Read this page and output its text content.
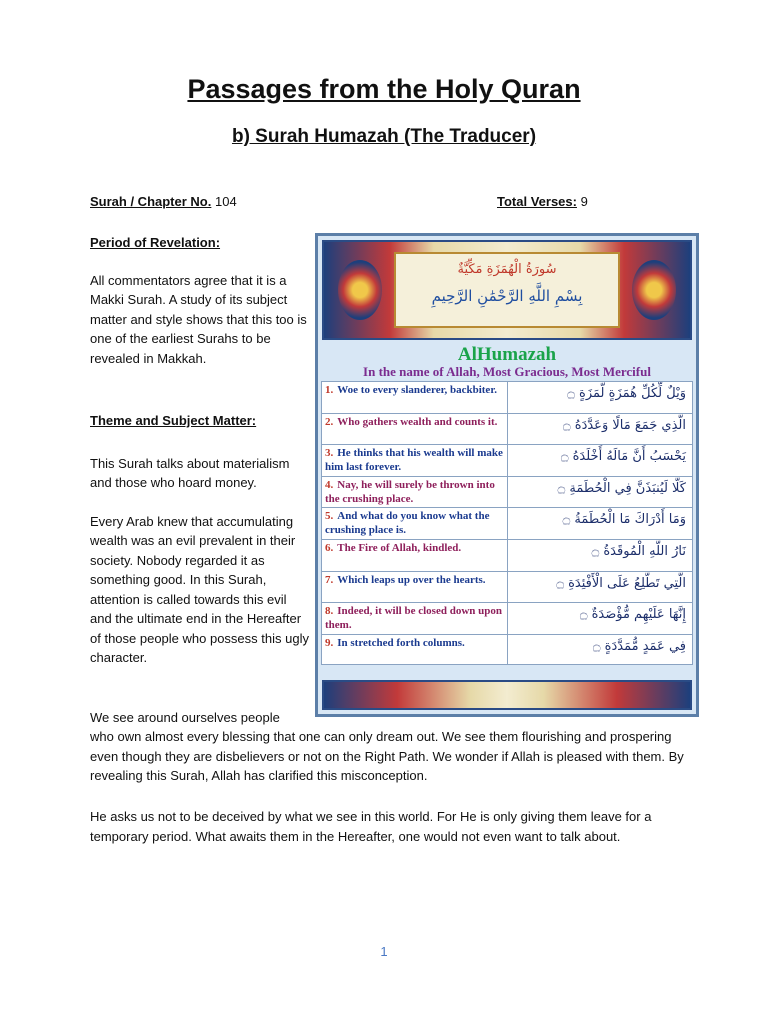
Passages from the Holy Quran
b) Surah Humazah (The Traducer)
Surah / Chapter No. 104	Total Verses: 9
Period of Revelation:

All commentators agree that it is a Makki Surah. A study of its subject matter and style shows that this too is one of the earliest Surahs to be revealed in Makkah.

Theme and Subject Matter:

This Surah talks about materialism and those who hoard money.

Every Arab knew that accumulating wealth was an evil prevalent in their society. Nobody regarded it as something good. In this Surah, attention is called towards this evil and the ultimate end in the Hereafter of those people who possess this ugly character.

We see around ourselves people
who own almost every blessing that one can only dream out. We see them flourishing and prospering even though they are disbelievers or not on the Right Path. We wonder if Allah is pleased with them. By revealing this Surah, Allah has clarified this misconception.
He asks us not to be deceived by what we see in this world. For He is only giving them leave for a temporary period. What awaits them in the Hereafter, one would not even want to talk about.
سُورَةُ الْهُمَزَةِ مَكِّيَّةٌ
بِسْمِ اللَّهِ الرَّحْمَٰنِ الرَّحِيمِ
AlHumazah
In the name of Allah, Most Gracious, Most Merciful
1. Woe to every slanderer, backbiter.	وَيْلٌ لِّكُلِّ هُمَزَةٍ لُّمَزَةٍ ۝
2. Who gathers wealth and counts it.	الَّذِي جَمَعَ مَالًا وَعَدَّدَهُ ۝
3. He thinks that his wealth will make him last forever.
يَحْسَبُ أَنَّ مَالَهُ أَخْلَدَهُ ۝
4. Nay, he will surely be thrown into the crushing place.
كَلَّا لَيُنبَذَنَّ فِي الْحُطَمَةِ ۝
5. And what do you know what the crushing place is.
وَمَا أَدْرَاكَ مَا الْحُطَمَةُ ۝
6. The Fire of Allah, kindled.	نَارُ اللَّهِ الْمُوقَدَةُ ۝
7. Which leaps up over the hearts.	الَّتِي تَطَّلِعُ عَلَى الْأَفْئِدَةِ ۝
8. Indeed, it will be closed down upon them.
إِنَّهَا عَلَيْهِم مُّؤْصَدَةٌ ۝
9. In stretched forth columns.	فِي عَمَدٍ مُّمَدَّدَةٍ ۝
1
